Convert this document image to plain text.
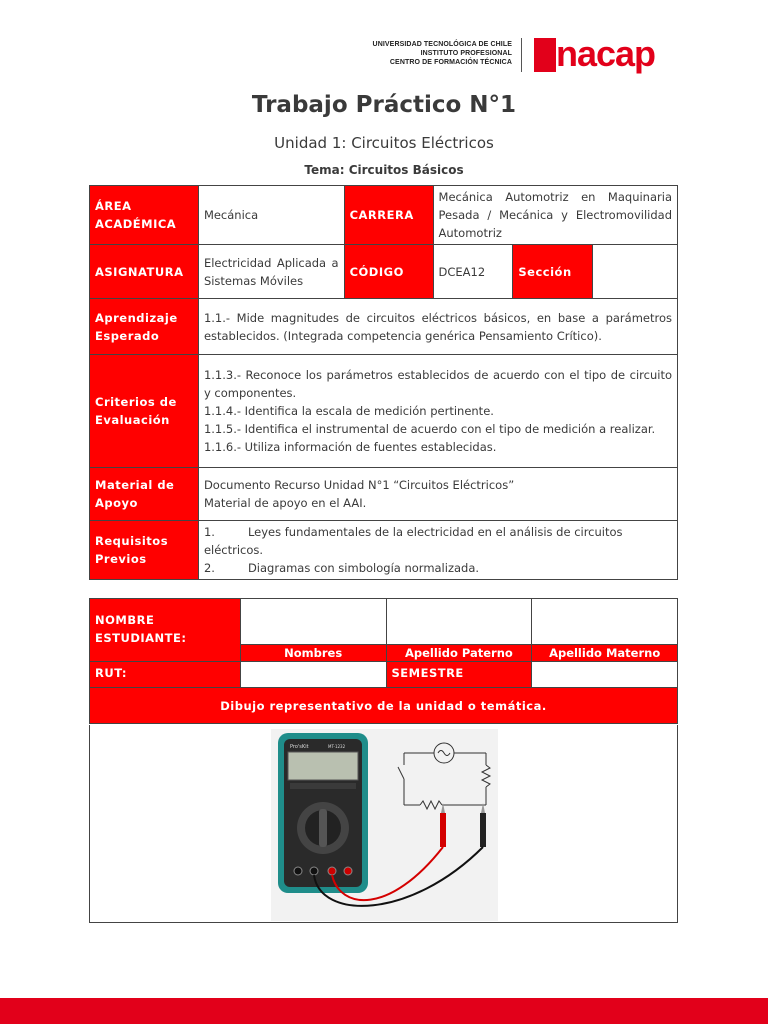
UNIVERSIDAD TECNOLÓGICA DE CHILE
INSTITUTO PROFESIONAL
CENTRO DE FORMACIÓN TÉCNICA nacap
Trabajo Práctico N°1
Unidad 1: Circuitos Eléctricos
Tema: Circuitos Básicos
ÁREA ACADÉMICA	Mecánica	CARRERA	Mecánica Automotriz en Maquinaria Pesada / Mecánica y Electromovilidad Automotriz		
ASIGNATURA	Electricidad Aplicada a Sistemas Móviles	CÓDIGO	DCEA12	Sección	
Aprendizaje Esperado	1.1.- Mide magnitudes de circuitos eléctricos básicos, en base a parámetros establecidos. (Integrada competencia genérica Pensamiento Crítico).				
Criterios de Evaluación	1.1.3.- Reconoce los parámetros establecidos de acuerdo con el tipo de circuito y componentes.
1.1.4.- Identifica la escala de medición pertinente.
1.1.5.- Identifica el instrumental de acuerdo con el tipo de medición a realizar.
1.1.6.- Utiliza información de fuentes establecidas.				

Material de Apoyo	Documento Recurso Unidad N°1 “Circuitos Eléctricos”
Material de apoyo en el AAI.				

Requisitos Previos	1. Leyes fundamentales de la electricidad en el análisis de circuitos eléctricos.
2. Diagramas con simbología normalizada.				
NOMBRE ESTUDIANTE:			
	Nombres	Apellido Paterno	Apellido Materno
RUT:		SEMESTRE	
Dibujo representativo de la unidad o temática.			
Pro'sKit	MT-1232
